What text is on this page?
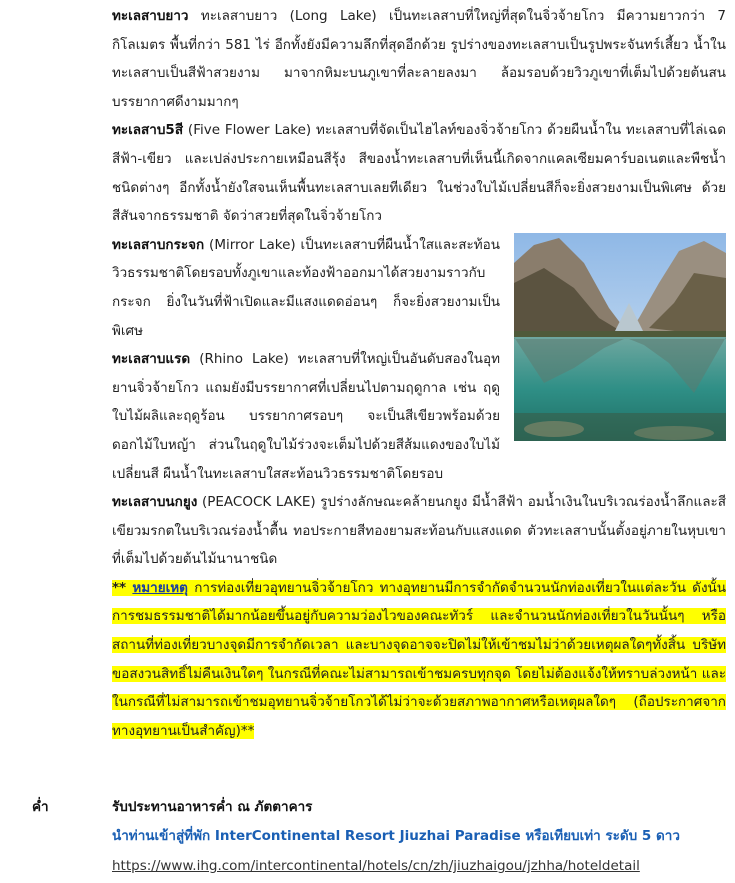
ทะเลสาบยาว ทะเลสาบยาว (Long Lake) เป็นทะเลสาบที่ใหญ่ที่สุดในจิ่วจ้ายโกว มีความยาวกว่า 7 กิโลเมตร พื้นที่กว่า 581 ไร่ อีกทั้งยังมีความลึกที่สุดอีกด้วย รูปร่างของทะเลสาบเป็นรูปพระจันทร์เสี้ยว น้ำในทะเลสาบเป็นสีฟ้าสวยงาม มาจากหิมะบนภูเขาที่ละลายลงมา ล้อมรอบด้วยวิวภูเขาที่เต็มไปด้วยต้นสน บรรยากาศดีงามมากๆ

ทะเลสาบ5สี (Five Flower Lake) ทะเลสาบที่จัดเป็นไฮไลท์ของจิ่วจ้ายโกว ด้วยผืนน้ำใน ทะเลสาบที่ไล่เฉดสีฟ้า-เขียว และเปล่งประกายเหมือนสีรุ้ง สีของน้ำทะเลสาบที่เห็นนี้เกิดจากแคลเซียมคาร์บอเนตและพืชน้ำชนิดต่างๆ อีกทั้งน้ำยังใสจนเห็นพื้นทะเลสาบเลยทีเดียว ในช่วงใบไม้เปลี่ยนสีก็จะยิ่งสวยงามเป็นพิเศษ ด้วยสีสันจากธรรมชาติ จัดว่าสวยที่สุดในจิ่วจ้ายโกว

ทะเลสาบกระจก (Mirror Lake) เป็นทะเลสาบที่ผืนน้ำใสและสะท้อนวิวธรรมชาติโดยรอบทั้งภูเขาและท้องฟ้าออกมาได้สวยงามราวกับกระจก ยิ่งในวันที่ฟ้าเปิดและมีแสงแดดอ่อนๆ ก็จะยิ่งสวยงามเป็นพิเศษ

ทะเลสาบแรด (Rhino Lake) ทะเลสาบที่ใหญ่เป็นอันดับสองในอุทยานจิ่วจ้ายโกว แถมยังมีบรรยากาศที่เปลี่ยนไปตามฤดูกาล เช่น ฤดูใบไม้ผลิและฤดูร้อน บรรยากาศรอบๆ จะเป็นสีเขียวพร้อมด้วยดอกไม้ใบหญ้า ส่วนในฤดูใบไม้ร่วงจะเต็มไปด้วยสีส้มแดงของใบไม้เปลี่ยนสี ผืนน้ำในทะเลสาบใสสะท้อนวิวธรรมชาติโดยรอบ

ทะเลสาบนกยูง (PEACOCK LAKE) รูปร่างลักษณะคล้ายนกยูง มีน้ำสีฟ้า อมน้ำเงินในบริเวณร่องน้ำลึกและสีเขียวมรกตในบริเวณร่องน้ำตื้น ทอประกายสีทองยามสะท้อนกับแสงแดด ตัวทะเลสาบนั้นตั้งอยู่ภายในหุบเขาที่เต็มไปด้วยต้นไม้นานาชนิด

** หมายเหตุ การท่องเที่ยวอุทยานจิ่วจ้ายโกว ทางอุทยานมีการจำกัดจำนวนนักท่องเที่ยวในแต่ละวัน ดังนั้นการชมธรรมชาติได้มากน้อยขึ้นอยู่กับความว่องไวของคณะทัวร์ และจำนวนนักท่องเที่ยวในวันนั้นๆ หรือสถานที่ท่องเที่ยวบางจุดมีการจำกัดเวลา และบางจุดอาจจะปิดไม่ให้เข้าชมไม่ว่าด้วยเหตุผลใดๆทั้งสิ้น บริษัทขอสงวนสิทธิ์ไม่คืนเงินใดๆ ในกรณีที่คณะไม่สามารถเข้าชมครบทุกจุด โดยไม่ต้องแจ้งให้ทราบล่วงหน้า และในกรณีที่ไม่สามารถเข้าชมอุทยานจิ่วจ้ายโกวได้ไม่ว่าจะด้วยสภาพอากาศหรือเหตุผลใดๆ (ถือประกาศจากทางอุทยานเป็นสำคัญ)**

ค่ำ	รับประทานอาหารค่ำ ณ ภัตตาคาร
นำท่านเข้าสู่ที่พัก InterContinental Resort Jiuzhai Paradise หรือเทียบเท่า ระดับ 5 ดาว
https://www.ihg.com/intercontinental/hotels/cn/zh/jiuzhaigou/jzhha/hoteldetail
